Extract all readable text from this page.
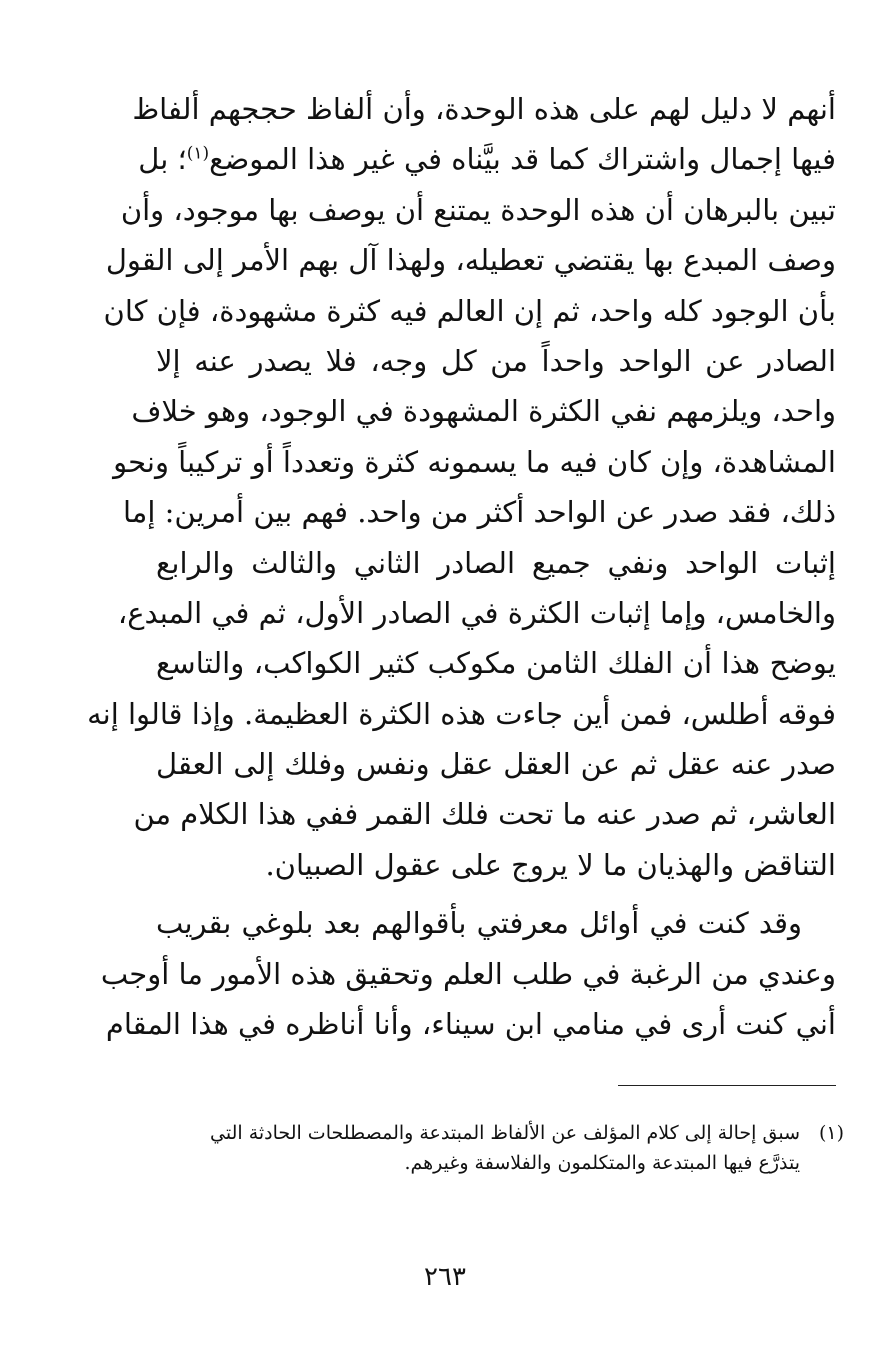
أنهم لا دليل لهم على هذه الوحدة، وأن ألفاظ حججهم ألفاظ
فيها إجمال واشتراك كما قد بيَّناه في غير هذا الموضع$^{(١)}$؛ بل
تبين بالبرهان أن هذه الوحدة يمتنع أن يوصف بها موجود، وأن
وصف المبدع بها يقتضي تعطيله، ولهذا آل بهم الأمر إلى القول
بأن الوجود كله واحد، ثم إن العالم فيه كثرة مشهودة، فإن كان
الصادر عن الواحد واحداً من كل وجه، فلا يصدر عنه إلا
واحد، ويلزمهم نفي الكثرة المشهودة في الوجود، وهو خلاف
المشاهدة، وإن كان فيه ما يسمونه كثرة وتعدداً أو تركيباً ونحو
ذلك، فقد صدر عن الواحد أكثر من واحد. فهم بين أمرين: إما
إثبات الواحد ونفي جميع الصادر الثاني والثالث والرابع
والخامس، وإما إثبات الكثرة في الصادر الأول، ثم في المبدع،
يوضح هذا أن الفلك الثامن مكوكب كثير الكواكب، والتاسع
فوقه أطلس، فمن أين جاءت هذه الكثرة العظيمة. وإذا قالوا إنه
صدر عنه عقل ثم عن العقل عقل ونفس وفلك إلى العقل
العاشر، ثم صدر عنه ما تحت فلك القمر ففي هذا الكلام من
التناقض والهذيان ما لا يروج على عقول الصبيان.
وقد كنت في أوائل معرفتي بأقوالهم بعد بلوغي بقريب
وعندي من الرغبة في طلب العلم وتحقيق هذه الأمور ما أوجب
أني كنت أرى في منامي ابن سيناء، وأنا أناظره في هذا المقام
(١)
سبق إحالة إلى كلام المؤلف عن الألفاظ المبتدعة والمصطلحات الحادثة التي
يتذرَّع فيها المبتدعة والمتكلمون والفلاسفة وغيرهم.
٢٦٣
